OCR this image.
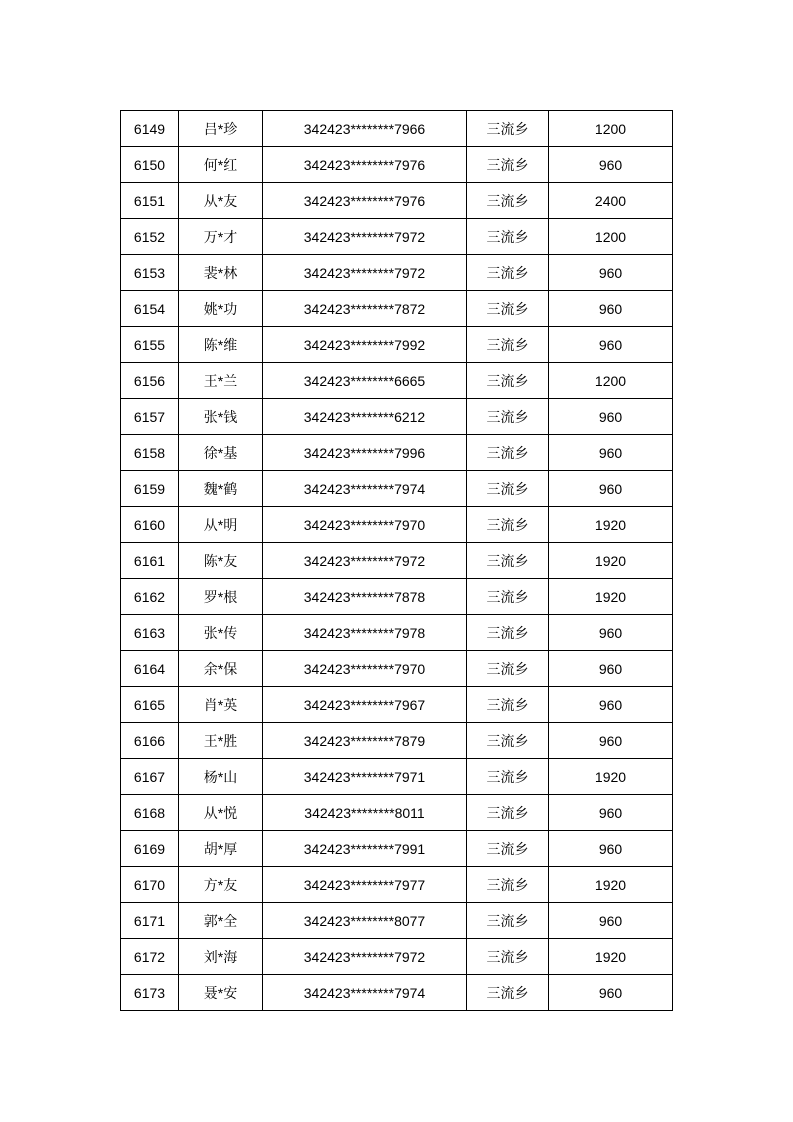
6149	吕*珍	342423********7966	三流乡	1200
6150	何*红	342423********7976	三流乡	960
6151	从*友	342423********7976	三流乡	2400
6152	万*才	342423********7972	三流乡	1200
6153	裴*林	342423********7972	三流乡	960
6154	姚*功	342423********7872	三流乡	960
6155	陈*维	342423********7992	三流乡	960
6156	王*兰	342423********6665	三流乡	1200
6157	张*钱	342423********6212	三流乡	960
6158	徐*基	342423********7996	三流乡	960
6159	魏*鹤	342423********7974	三流乡	960
6160	从*明	342423********7970	三流乡	1920
6161	陈*友	342423********7972	三流乡	1920
6162	罗*根	342423********7878	三流乡	1920
6163	张*传	342423********7978	三流乡	960
6164	余*保	342423********7970	三流乡	960
6165	肖*英	342423********7967	三流乡	960
6166	王*胜	342423********7879	三流乡	960
6167	杨*山	342423********7971	三流乡	1920
6168	从*悦	342423********8011	三流乡	960
6169	胡*厚	342423********7991	三流乡	960
6170	方*友	342423********7977	三流乡	1920
6171	郭*全	342423********8077	三流乡	960
6172	刘*海	342423********7972	三流乡	1920
6173	聂*安	342423********7974	三流乡	960
